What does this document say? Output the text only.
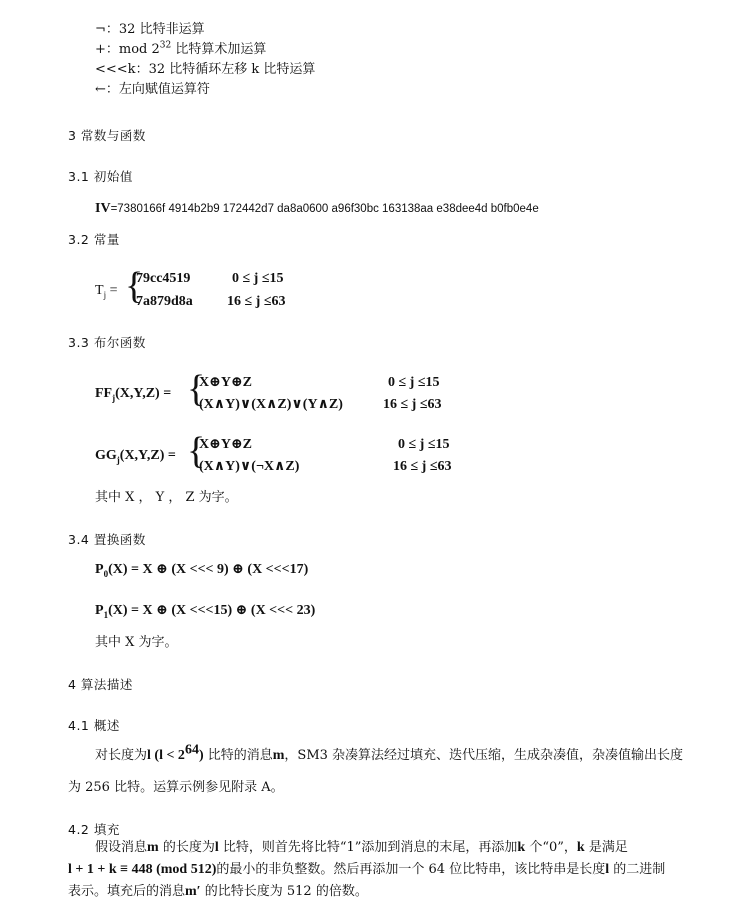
¬：32 比特非运算
+：mod $2^{32}$ 比特算术加运算
<<<k：32 比特循环左移 k 比特运算
←：左向赋值运算符
3 常数与函数
3.1 初始值
IV=7380166f 4914b2b9 172442d7 da8a0600 a96f30bc 163138aa e38dee4d b0fb0e4e
3.2 常量
$T_j$ = {
79cc4519	0 ≤ j ≤15
7a879d8a 16 ≤ j ≤63
3.3 布尔函数
$FF_j(X,Y,Z)$ = {
X⊕Y⊕Z	0 ≤ j ≤15
(X∧Y)∨(X∧Z)∨(Y∧Z)	16 ≤ j ≤63
$GG_j(X,Y,Z)$ = {
X⊕Y⊕Z	0 ≤ j ≤15
(X∧Y)∨(¬X∧Z)	16 ≤ j ≤63
其中 X ， Y ， Z 为字。
3.4 置换函数
$P_0(X) = X$ ⊕ (X <<< 9) ⊕ (X <<<17)
$P_1(X) = X$ ⊕ (X <<<15) ⊕ (X <<< 23)
其中 X 为字。
4 算法描述
4.1 概述
对长度为l $(l < 2^{64})$ 比特的消息m，SM3 杂凑算法经过填充、迭代压缩，生成杂凑值，杂凑值输出长度
为 256 比特。运算示例参见附录 A。
4.2 填充
假设消息m 的长度为l 比特，则首先将比特“1”添加到消息的末尾，再添加k 个“0”，k 是满足
l + 1 + k ≡ 448 (mod 512)的最小的非负整数。然后再添加一个 64 位比特串，该比特串是长度l 的二进制
表示。填充后的消息m′ 的比特长度为 512 的倍数。
